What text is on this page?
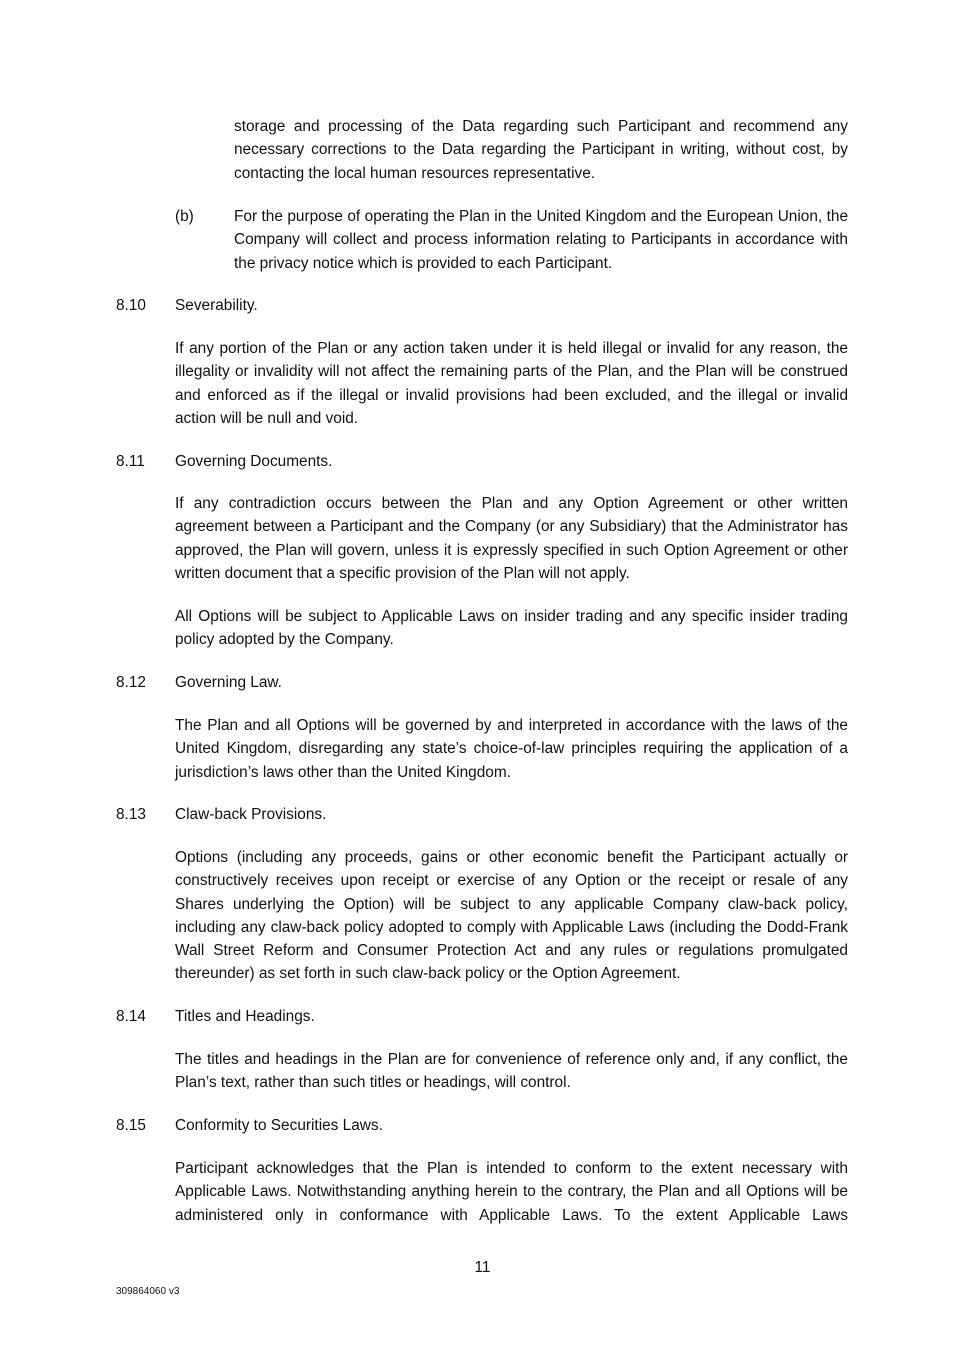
storage and processing of the Data regarding such Participant and recommend any necessary corrections to the Data regarding the Participant in writing, without cost, by contacting the local human resources representative.

(b)	For the purpose of operating the Plan in the United Kingdom and the European Union, the Company will collect and process information relating to Participants in accordance with the privacy notice which is provided to each Participant.

8.10 Severability.

If any portion of the Plan or any action taken under it is held illegal or invalid for any reason, the illegality or invalidity will not affect the remaining parts of the Plan, and the Plan will be construed and enforced as if the illegal or invalid provisions had been excluded, and the illegal or invalid action will be null and void.

8.11 Governing Documents.

If any contradiction occurs between the Plan and any Option Agreement or other written agreement between a Participant and the Company (or any Subsidiary) that the Administrator has approved, the Plan will govern, unless it is expressly specified in such Option Agreement or other written document that a specific provision of the Plan will not apply.

All Options will be subject to Applicable Laws on insider trading and any specific insider trading policy adopted by the Company.

8.12 Governing Law.

The Plan and all Options will be governed by and interpreted in accordance with the laws of the United Kingdom, disregarding any state’s choice-of-law principles requiring the application of a jurisdiction’s laws other than the United Kingdom.

8.13 Claw-back Provisions.

Options (including any proceeds, gains or other economic benefit the Participant actually or constructively receives upon receipt or exercise of any Option or the receipt or resale of any Shares underlying the Option) will be subject to any applicable Company claw-back policy, including any claw-back policy adopted to comply with Applicable Laws (including the Dodd-Frank Wall Street Reform and Consumer Protection Act and any rules or regulations promulgated thereunder) as set forth in such claw-back policy or the Option Agreement.

8.14 Titles and Headings.

The titles and headings in the Plan are for convenience of reference only and, if any conflict, the Plan’s text, rather than such titles or headings, will control.

8.15 Conformity to Securities Laws.

Participant acknowledges that the Plan is intended to conform to the extent necessary with Applicable Laws. Notwithstanding anything herein to the contrary, the Plan and all Options will be administered only in conformance with Applicable Laws. To the extent Applicable Laws

11
309864060 v3
